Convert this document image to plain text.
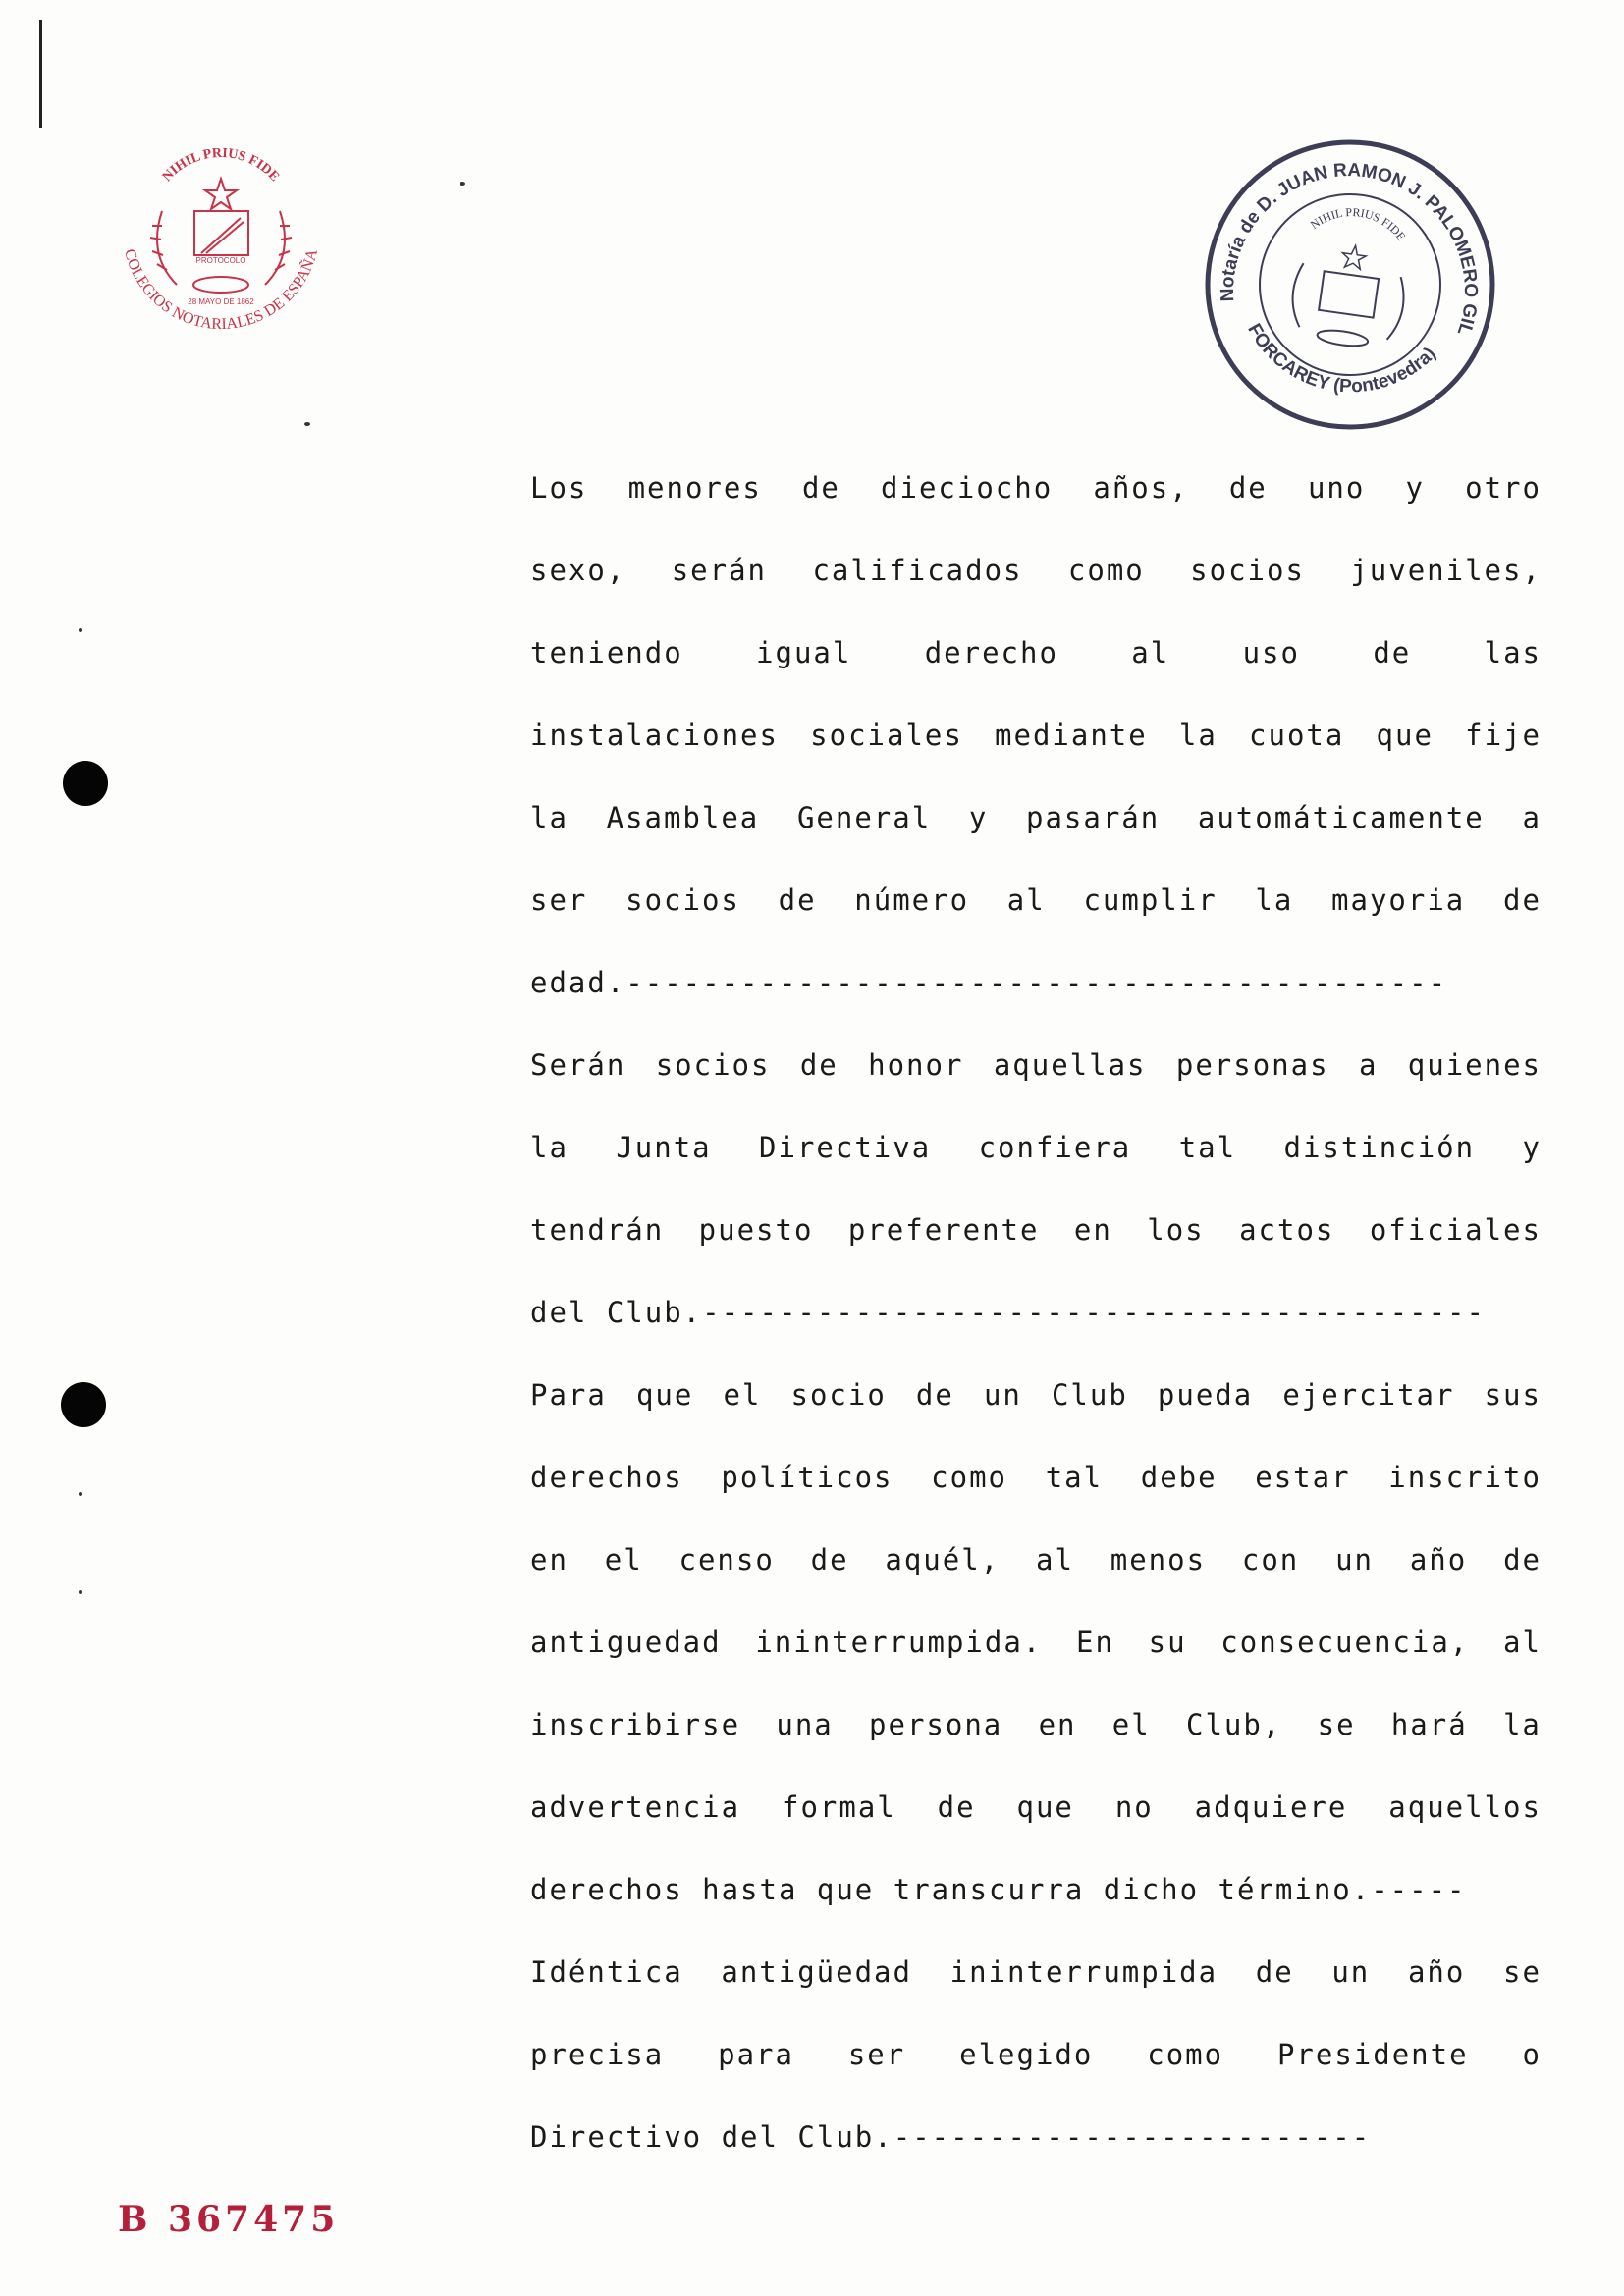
NIHIL PRIUS FIDE
PROTOCOLO
28 MAYO DE 1862
COLEGIOS NOTARIALES DE ESPAÑA
Notaría de D. JUAN RAMON J. PALOMERO GIL
FORCAREY (Pontevedra)
NIHIL PRIUS FIDE
Los menores de dieciocho años, de uno y otro
sexo, serán calificados como socios juveniles,
teniendo	igual	derecho	al	uso	de	las
instalaciones sociales mediante la cuota que fije
la Asamblea General y pasarán automáticamente a
ser socios de número al cumplir la mayoria de
edad.-------------------------------------------
Serán socios de honor aquellas personas a quienes
la Junta Directiva confiera tal distinción y
tendrán puesto preferente en los actos oficiales
del Club.-----------------------------------------
Para que el socio de un Club pueda ejercitar sus
derechos políticos como tal debe estar inscrito
en el censo de aquél, al menos con un año de
antiguedad ininterrumpida. En su consecuencia, al
inscribirse una persona en el Club, se hará la
advertencia formal de que no adquiere aquellos
derechos hasta que transcurra dicho término.-----
Idéntica antigüedad ininterrumpida de un año se
precisa para ser elegido como Presidente o
Directivo del Club.-------------------------
B 367475
